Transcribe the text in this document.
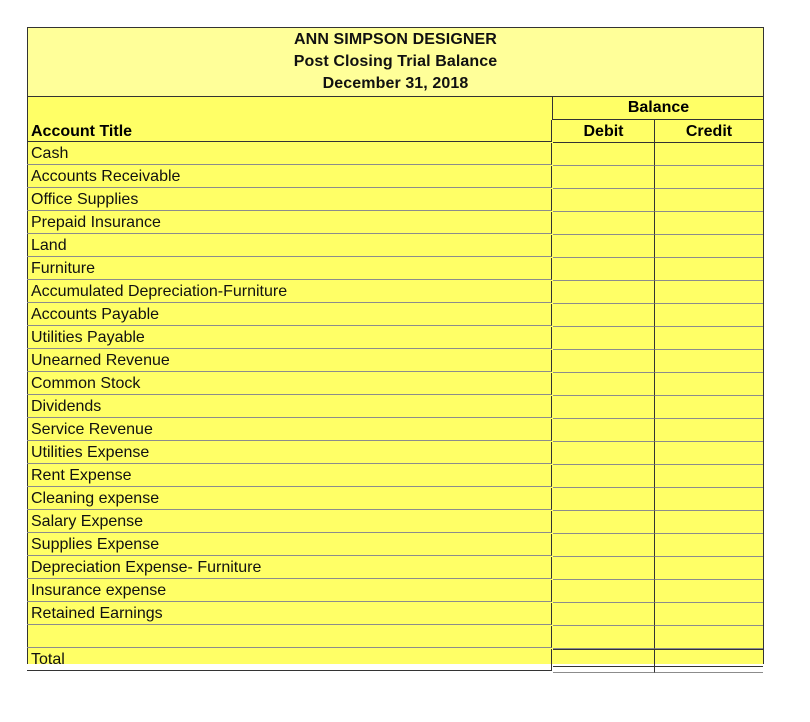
ANN SIMPSON DESIGNER
Post Closing Trial Balance
December 31, 2018
Balance
Account Title	Debit	Credit
Cash
Accounts Receivable
Office Supplies
Prepaid Insurance
Land
Furniture
Accumulated Depreciation-Furniture
Accounts Payable
Utilities Payable
Unearned Revenue
Common Stock
Dividends
Service Revenue
Utilities Expense
Rent Expense
Cleaning expense
Salary Expense
Supplies Expense
Depreciation Expense- Furniture
Insurance expense
Retained Earnings
Total
